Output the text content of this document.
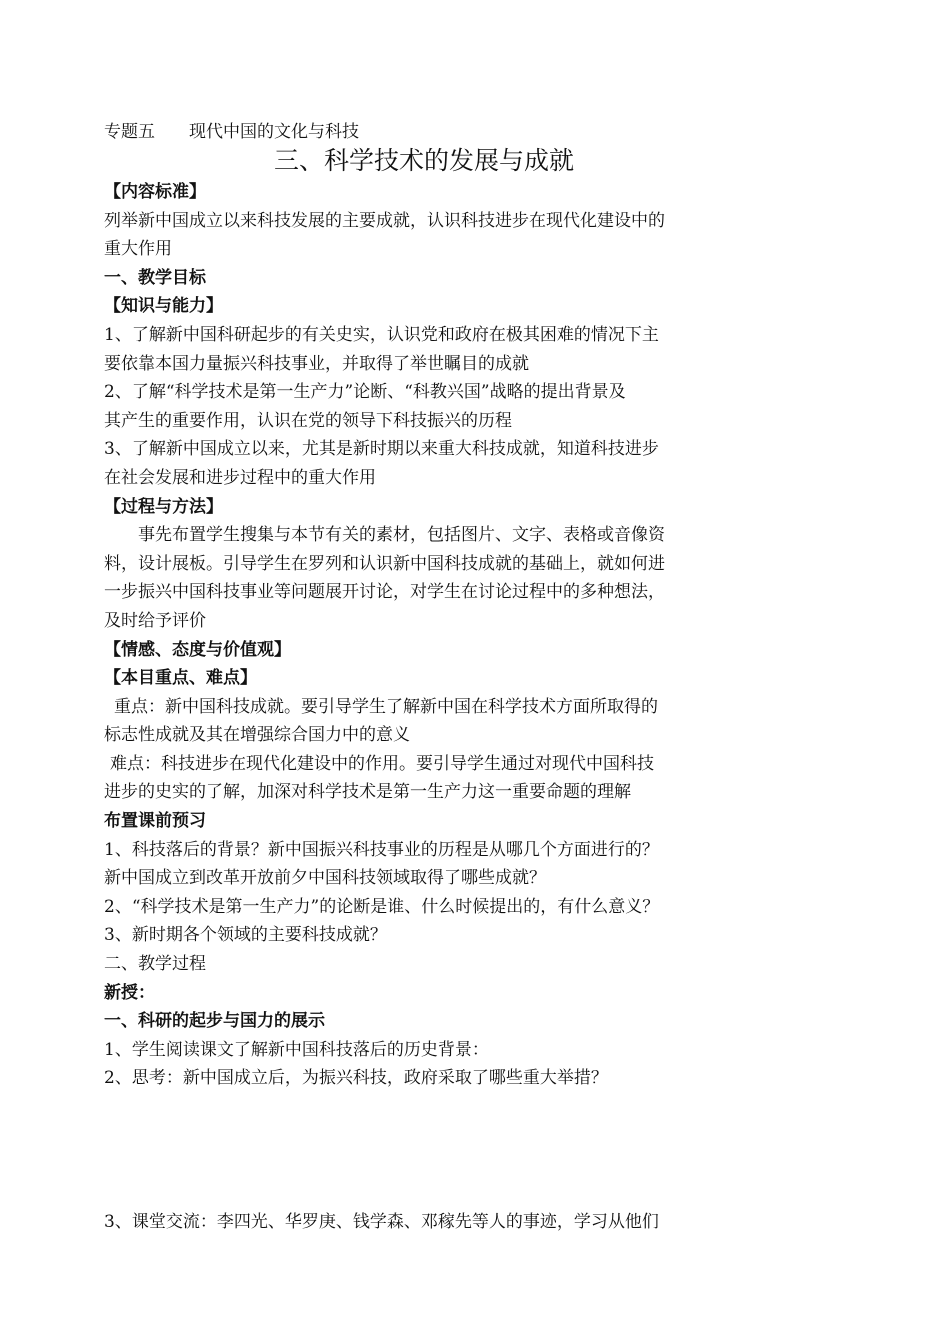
专题五 现代中国的文化与科技
三、科学技术的发展与成就
【内容标准】
列举新中国成立以来科技发展的主要成就，认识科技进步在现代化建设中的
重大作用
一、教学目标
【知识与能力】
1、了解新中国科研起步的有关史实，认识党和政府在极其困难的情况下主
要依靠本国力量振兴科技事业，并取得了举世瞩目的成就
2、了解“科学技术是第一生产力”论断、“科教兴国”战略的提出背景及
其产生的重要作用，认识在党的领导下科技振兴的历程
3、了解新中国成立以来，尤其是新时期以来重大科技成就，知道科技进步
在社会发展和进步过程中的重大作用
【过程与方法】
事先布置学生搜集与本节有关的素材，包括图片、文字、表格或音像资
料，设计展板。引导学生在罗列和认识新中国科技成就的基础上，就如何进
一步振兴中国科技事业等问题展开讨论，对学生在讨论过程中的多种想法，
及时给予评价
【情感、态度与价值观】
【本目重点、难点】
重点：新中国科技成就。要引导学生了解新中国在科学技术方面所取得的
标志性成就及其在增强综合国力中的意义
难点：科技进步在现代化建设中的作用。要引导学生通过对现代中国科技
进步的史实的了解，加深对科学技术是第一生产力这一重要命题的理解
布置课前预习
1、科技落后的背景？新中国振兴科技事业的历程是从哪几个方面进行的？
新中国成立到改革开放前夕中国科技领域取得了哪些成就？
2、“科学技术是第一生产力”的论断是谁、什么时候提出的，有什么意义？
3、新时期各个领域的主要科技成就？
二、教学过程
新授：
一、科研的起步与国力的展示
1、学生阅读课文了解新中国科技落后的历史背景：
2、思考：新中国成立后，为振兴科技，政府采取了哪些重大举措？
3、课堂交流：李四光、华罗庚、钱学森、邓稼先等人的事迹，学习从他们
